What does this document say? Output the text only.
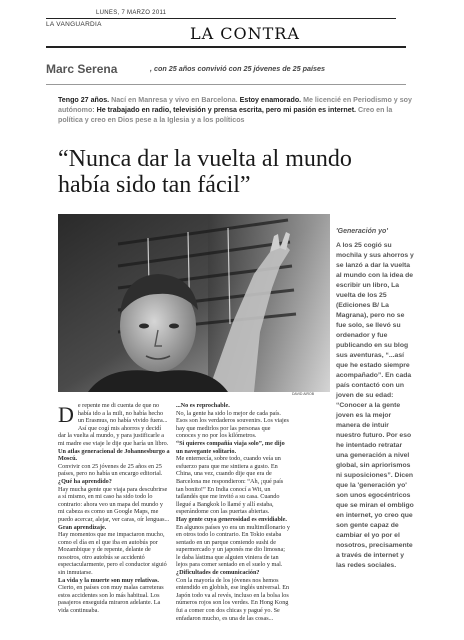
LUNES, 7 MARZO 2011
LA VANGUARDIA	LA CONTRA
Marc Serena	, con 25 años convivió con 25 jóvenes de 25 países
Tengo 27 años. Nací en Manresa y vivo en Barcelona. Estoy enamorado. Me licencié en Periodismo y soy autónomo: He trabajado en radio, televisión y prensa escrita, pero mi pasión es internet. Creo en la política y creo en Dios pese a la Iglesia y a los políticos
“Nunca dar la vuelta al mundo
había sido tan fácil”
DAVID AIROB
'Generación yo'

A los 25 cogió su mochila y sus ahorros y se lanzó a dar la vuelta al mundo con la idea de escribir un libro, La vuelta de los 25 (Ediciones B/ La Magrana), pero no se fue solo, se llevó su ordenador y fue publicando en su blog sus aventuras, “...así que he estado siempre acompañado”. En cada país contactó con un joven de su edad: “Conocer a la gente joven es la mejor manera de intuir nuestro futuro. Por eso he intentado retratar una generación a nivel global, sin apriorismos ni suposiciones”. Dicen que la 'generación yo' son unos egocéntricos que se miran el ombligo en internet, yo creo que son gente capaz de cambiar el yo por el nosotros, precisamente a través de internet y las redes sociales.

D e repente me di cuenta de que no había ido a la mili, no había hecho un Erasmus, no había vivido fuera...

Así que cogí mis ahorros y decidí dar la vuelta al mundo, y para justificarle a mi madre ese viaje le dije que haría un libro.

Un atlas generacional de Johannesburgo a Moscú.

Convivir con 25 jóvenes de 25 años en 25 países, pero no había un encargo editorial.

¿Qué ha aprendido?

Hay mucha gente que viaja para descubrirse a sí mismo, en mi caso ha sido todo lo contrario: ahora veo un mapa del mundo y mi cabeza es como un Google Maps, me puedo acercar, alejar, ver caras, oír lenguas...

Gran aprendizaje.

Hay momentos que me impactaron mucho, como el día en el que iba en autobús por Mozambique y de repente, delante de nosotros, otro autobús se accidentó espectacularmente, pero el conductor siguió sin inmutarse.

La vida y la muerte son muy relativas.

Cierto, en países con muy malas carreteras estos accidentes son lo más habitual. Los pasajeros enseguida miraron adelante. La vida continuaba.

...No es reprochable.

No, la gente ha sido lo mejor de cada país. Esos son los verdaderos souvenirs. Los viajes hay que medirlos por las personas que conoces y no por los kilómetros.

“Si quieres compañía viaja solo”, me dijo un navegante solitario.

Me enternecía, sobre todo, cuando veía un esfuerzo para que me sintiera a gusto. En China, una vez, cuando dije que era de Barcelona me respondieron: “Ah, ¡qué país tan bonito!” En India conocí a Wit, un tailandés que me invitó a su casa. Cuando llegué a Bangkok lo llamé y allí estaba, esperándome con las puertas abiertas.

Hay gente cuya generosidad es envidiable.

En algunos países yo era un multimillonario y en otros todo lo contrario. En Tokio estaba sentado en un parque comiendo sushi de supermercado y un japonés me dio limosna; le daba lástima que alguien viniera de tan lejos para comer sentado en el suelo y mal.

¿Dificultades de comunicación?

Con la mayoría de los jóvenes nos hemos entendido en globish, ese inglés universal. En Japón todo va al revés, incluso en la bolsa los números rojos son los verdes. En Hong Kong fui a comer con dos chicas y pagué yo. Se enfadaron mucho, es una de las cosas...
